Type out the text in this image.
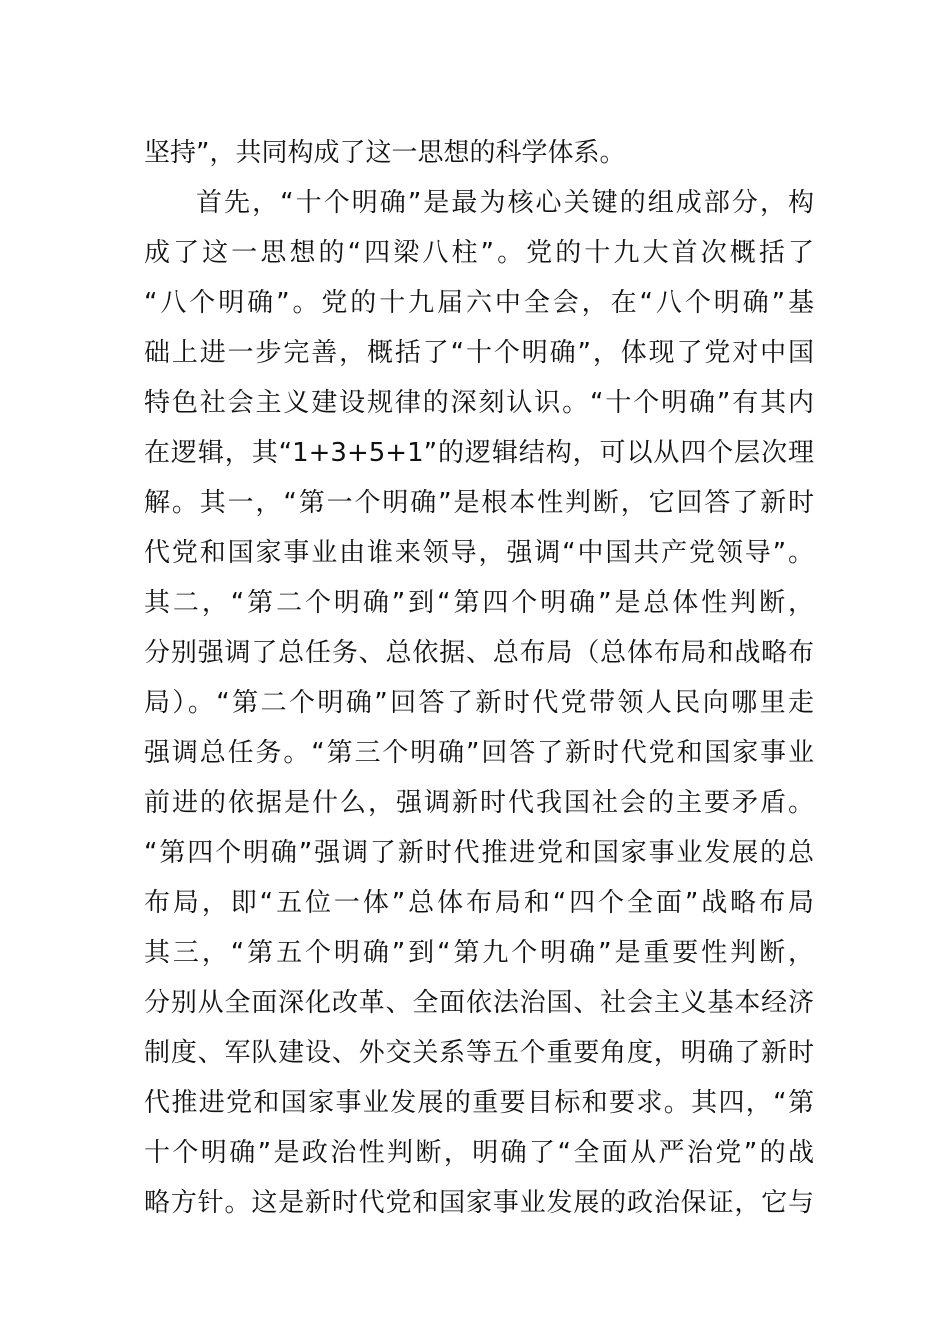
坚持”，共同构成了这一思想的科学体系。
首先，“十个明确”是最为核心关键的组成部分，构
成了这一思想的“四梁八柱”。党的十九大首次概括了
“八个明确”。党的十九届六中全会，在“八个明确”基
础上进一步完善，概括了“十个明确”，体现了党对中国
特色社会主义建设规律的深刻认识。“十个明确”有其内
在逻辑，其“1+3+5+1”的逻辑结构，可以从四个层次理
解。其一，“第一个明确”是根本性判断，它回答了新时
代党和国家事业由谁来领导，强调“中国共产党领导”。
其二，“第二个明确”到“第四个明确”是总体性判断，
分别强调了总任务、总依据、总布局（总体布局和战略布
局）。“第二个明确”回答了新时代党带领人民向哪里走
强调总任务。“第三个明确”回答了新时代党和国家事业
前进的依据是什么，强调新时代我国社会的主要矛盾。
“第四个明确”强调了新时代推进党和国家事业发展的总
布局，即“五位一体”总体布局和“四个全面”战略布局
其三，“第五个明确”到“第九个明确”是重要性判断，
分别从全面深化改革、全面依法治国、社会主义基本经济
制度、军队建设、外交关系等五个重要角度，明确了新时
代推进党和国家事业发展的重要目标和要求。其四，“第
十个明确”是政治性判断，明确了“全面从严治党”的战
略方针。这是新时代党和国家事业发展的政治保证，它与
